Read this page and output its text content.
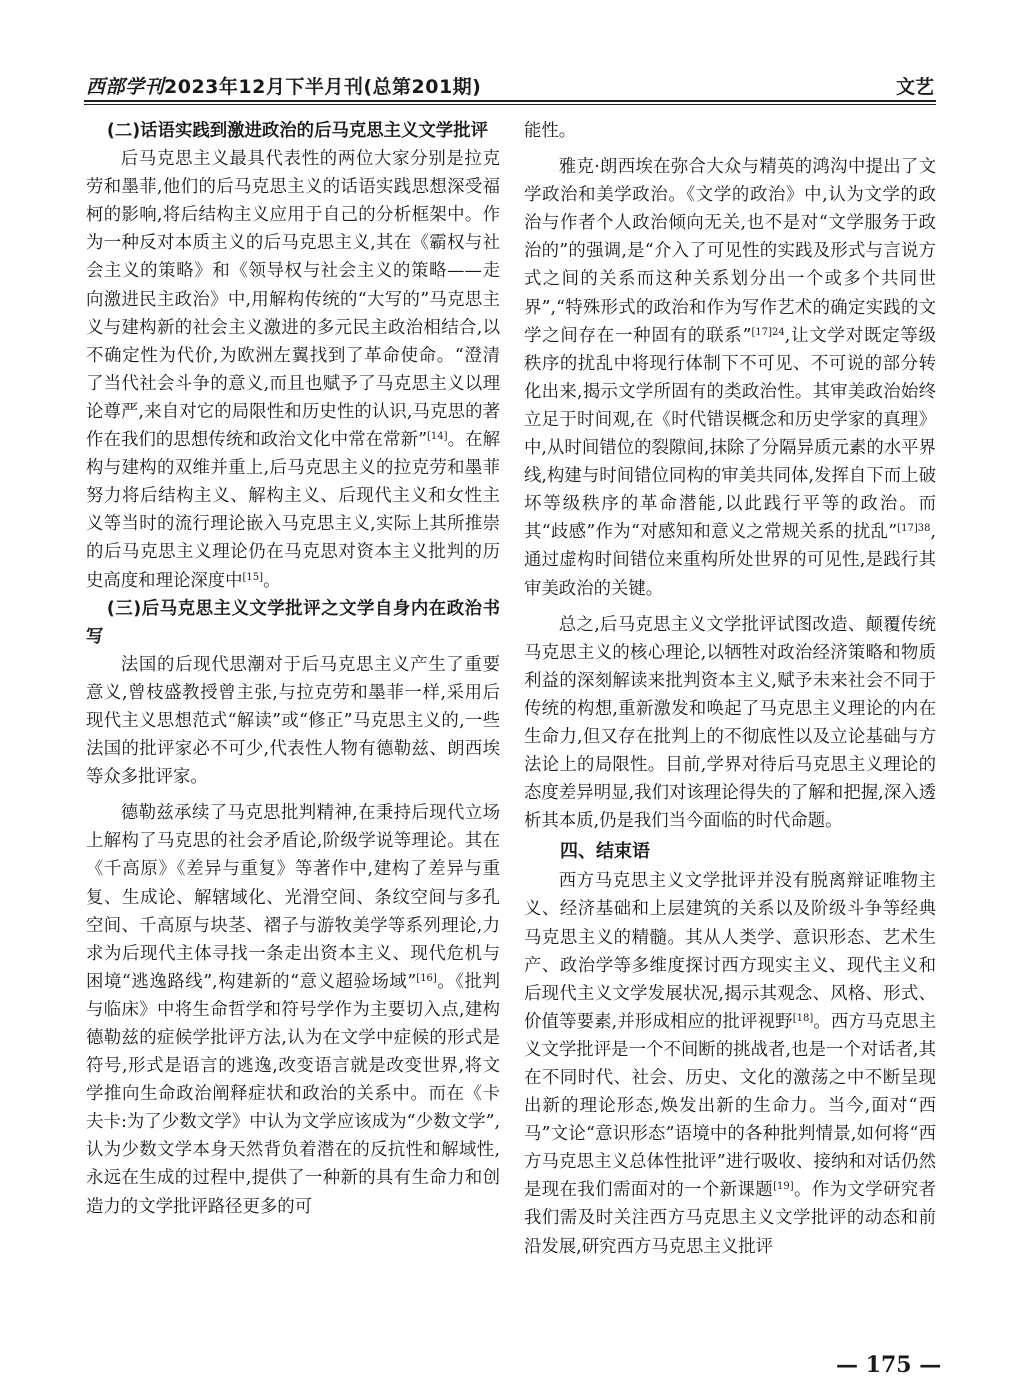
西部学刊2023年12月下半月刊(总第201期)	文艺
(二)话语实践到激进政治的后马克思主义文学批评

后马克思主义最具代表性的两位大家分别是拉克劳和墨菲,他们的后马克思主义的话语实践思想深受福柯的影响,将后结构主义应用于自己的分析框架中。作为一种反对本质主义的后马克思主义,其在《霸权与社会主义的策略》和《领导权与社会主义的策略——走向激进民主政治》中,用解构传统的“大写的”马克思主义与建构新的社会主义激进的多元民主政治相结合,以不确定性为代价,为欧洲左翼找到了革命使命。“澄清了当代社会斗争的意义,而且也赋予了马克思主义以理论尊严,来自对它的局限性和历史性的认识,马克思的著作在我们的思想传统和政治文化中常在常新”[14]。在解构与建构的双维并重上,后马克思主义的拉克劳和墨菲努力将后结构主义、解构主义、后现代主义和女性主义等当时的流行理论嵌入马克思主义,实际上其所推崇的后马克思主义理论仍在马克思对资本主义批判的历史高度和理论深度中[15]。

(三)后马克思主义文学批评之文学自身内在政治书写

法国的后现代思潮对于后马克思主义产生了重要意义,曾枝盛教授曾主张,与拉克劳和墨菲一样,采用后现代主义思想范式“解读”或“修正”马克思主义的,一些法国的批评家必不可少,代表性人物有德勒兹、朗西埃等众多批评家。

德勒兹承续了马克思批判精神,在秉持后现代立场上解构了马克思的社会矛盾论,阶级学说等理论。其在《千高原》《差异与重复》等著作中,建构了差异与重复、生成论、解辖域化、光滑空间、条纹空间与多孔空间、千高原与块茎、褶子与游牧美学等系列理论,力求为后现代主体寻找一条走出资本主义、现代危机与困境“逃逸路线”,构建新的“意义超验场域”[16]。《批判与临床》中将生命哲学和符号学作为主要切入点,建构德勒兹的症候学批评方法,认为在文学中症候的形式是符号,形式是语言的逃逸,改变语言就是改变世界,将文学推向生命政治阐释症状和政治的关系中。而在《卡夫卡:为了少数文学》中认为文学应该成为“少数文学”,认为少数文学本身天然背负着潜在的反抗性和解域性,永远在生成的过程中,提供了一种新的具有生命力和创造力的文学批评路径更多的可

能性。

雅克·朗西埃在弥合大众与精英的鸿沟中提出了文学政治和美学政治。《文学的政治》中,认为文学的政治与作者个人政治倾向无关,也不是对“文学服务于政治的”的强调,是“介入了可见性的实践及形式与言说方式之间的关系而这种关系划分出一个或多个共同世界”,“特殊形式的政治和作为写作艺术的确定实践的文学之间存在一种固有的联系”$^{[17]24}$,让文学对既定等级秩序的扰乱中将现行体制下不可见、不可说的部分转化出来,揭示文学所固有的类政治性。其审美政治始终立足于时间观,在《时代错误概念和历史学家的真理》中,从时间错位的裂隙间,抹除了分隔异质元素的水平界线,构建与时间错位同构的审美共同体,发挥自下而上破坏等级秩序的革命潜能,以此践行平等的政治。而其“歧感”作为“对感知和意义之常规关系的扰乱”$^{[17]38}$,通过虚构时间错位来重构所处世界的可见性,是践行其审美政治的关键。

总之,后马克思主义文学批评试图改造、颠覆传统马克思主义的核心理论,以牺牲对政治经济策略和物质利益的深刻解读来批判资本主义,赋予未来社会不同于传统的构想,重新激发和唤起了马克思主义理论的内在生命力,但又存在批判上的不彻底性以及立论基础与方法论上的局限性。目前,学界对待后马克思主义理论的态度差异明显,我们对该理论得失的了解和把握,深入透析其本质,仍是我们当今面临的时代命题。

四、结束语

西方马克思主义文学批评并没有脱离辩证唯物主义、经济基础和上层建筑的关系以及阶级斗争等经典马克思主义的精髓。其从人类学、意识形态、艺术生产、政治学等多维度探讨西方现实主义、现代主义和后现代主义文学发展状况,揭示其观念、风格、形式、价值等要素,并形成相应的批评视野[18]。西方马克思主义文学批评是一个不间断的挑战者,也是一个对话者,其在不同时代、社会、历史、文化的激荡之中不断呈现出新的理论形态,焕发出新的生命力。当今,面对“西马”文论“意识形态”语境中的各种批判情景,如何将“西方马克思主义总体性批评”进行吸收、接纳和对话仍然是现在我们需面对的一个新课题[19]。作为文学研究者我们需及时关注西方马克思主义文学批评的动态和前沿发展,研究西方马克思主义批评

— 175 —
